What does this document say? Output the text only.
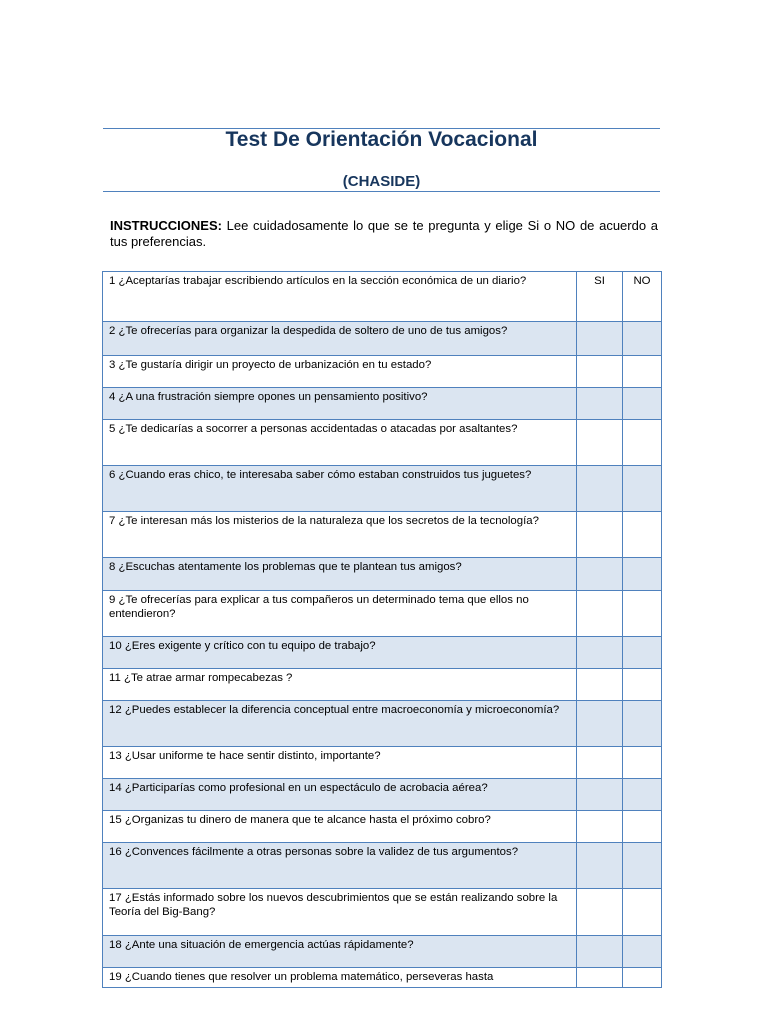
Test De Orientación Vocacional
(CHASIDE)
INSTRUCCIONES: Lee cuidadosamente lo que se te pregunta y elige Si o NO de acuerdo a tus preferencias.
1 ¿Aceptarías trabajar escribiendo artículos en la sección económica de un diario?	SI	NO
2 ¿Te ofrecerías para organizar la despedida de soltero de uno de tus amigos?		
3 ¿Te gustaría dirigir un proyecto de urbanización en tu estado?		
4 ¿A una frustración siempre opones un pensamiento positivo?		
5 ¿Te dedicarías a socorrer a personas accidentadas o atacadas por asaltantes?		
6 ¿Cuando eras chico, te interesaba saber cómo estaban construidos tus juguetes?		
7 ¿Te interesan más los misterios de la naturaleza que los secretos de la tecnología?		
8 ¿Escuchas atentamente los problemas que te plantean tus amigos?		
9 ¿Te ofrecerías para explicar a tus compañeros un determinado tema que ellos no entendieron?		
10 ¿Eres exigente y crítico con tu equipo de trabajo?		
11 ¿Te atrae armar rompecabezas ?		
12 ¿Puedes establecer la diferencia conceptual entre macroeconomía y microeconomía?		
13 ¿Usar uniforme te hace sentir distinto, importante?		
14 ¿Participarías como profesional en un espectáculo de acrobacia aérea?		
15 ¿Organizas tu dinero de manera que te alcance hasta el próximo cobro?		
16 ¿Convences fácilmente a otras personas sobre la validez de tus argumentos?		
17 ¿Estás informado sobre los nuevos descubrimientos que se están realizando sobre la Teoría del Big-Bang?		
18 ¿Ante una situación de emergencia actúas rápidamente?		
19 ¿Cuando tienes que resolver un problema matemático, perseveras hasta		
